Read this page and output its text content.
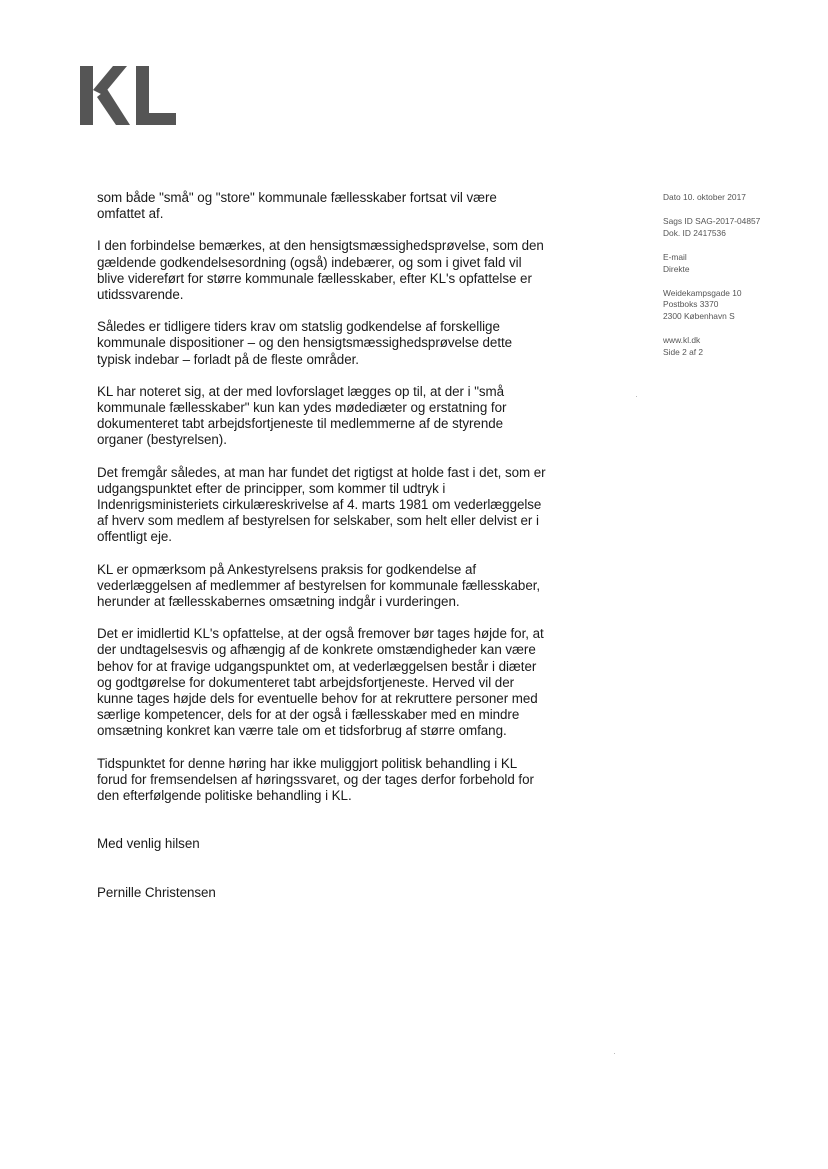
som både "små" og "store" kommunale fællesskaber fortsat vil være omfattet af.

I den forbindelse bemærkes, at den hensigtsmæssighedsprøvelse, som den gældende godkendelsesordning (også) indebærer, og som i givet fald vil blive videreført for større kommunale fællesskaber, efter KL's opfattelse er utidssvarende.

Således er tidligere tiders krav om statslig godkendelse af forskellige kommunale dispositioner – og den hensigtsmæssighedsprøvelse dette typisk indebar – forladt på de fleste områder.

KL har noteret sig, at der med lovforslaget lægges op til, at der i "små kommunale fællesskaber" kun kan ydes mødediæter og erstatning for dokumenteret tabt arbejdsfortjeneste til medlemmerne af de styrende organer (bestyrelsen).

Det fremgår således, at man har fundet det rigtigst at holde fast i det, som er udgangspunktet efter de principper, som kommer til udtryk i Indenrigsministeriets cirkulæreskrivelse af 4. marts 1981 om vederlæggelse af hverv som medlem af bestyrelsen for selskaber, som helt eller delvist er i offentligt eje.

KL er opmærksom på Ankestyrelsens praksis for godkendelse af vederlæggelsen af medlemmer af bestyrelsen for kommunale fællesskaber, herunder at fællesskabernes omsætning indgår i vurderingen.

Det er imidlertid KL's opfattelse, at der også fremover bør tages højde for, at der undtagelsesvis og afhængig af de konkrete omstændigheder kan være behov for at fravige udgangspunktet om, at vederlæggelsen består i diæter og godtgørelse for dokumenteret tabt arbejdsfortjeneste. Herved vil der kunne tages højde dels for eventuelle behov for at rekruttere personer med særlige kompetencer, dels for at der også i fællesskaber med en mindre omsætning konkret kan værre tale om et tidsforbrug af større omfang.

Tidspunktet for denne høring har ikke muliggjort politisk behandling i KL forud for fremsendelsen af høringssvaret, og der tages derfor forbehold for den efterfølgende politiske behandling i KL.

Med venlig hilsen

Pernille Christensen

Dato 10. oktober 2017
Sags ID SAG-2017-04857
Dok. ID 2417536
E-mail
Direkte
Weidekampsgade 10
Postboks 3370
2300 København S
www.kl.dk
Side 2 af 2
